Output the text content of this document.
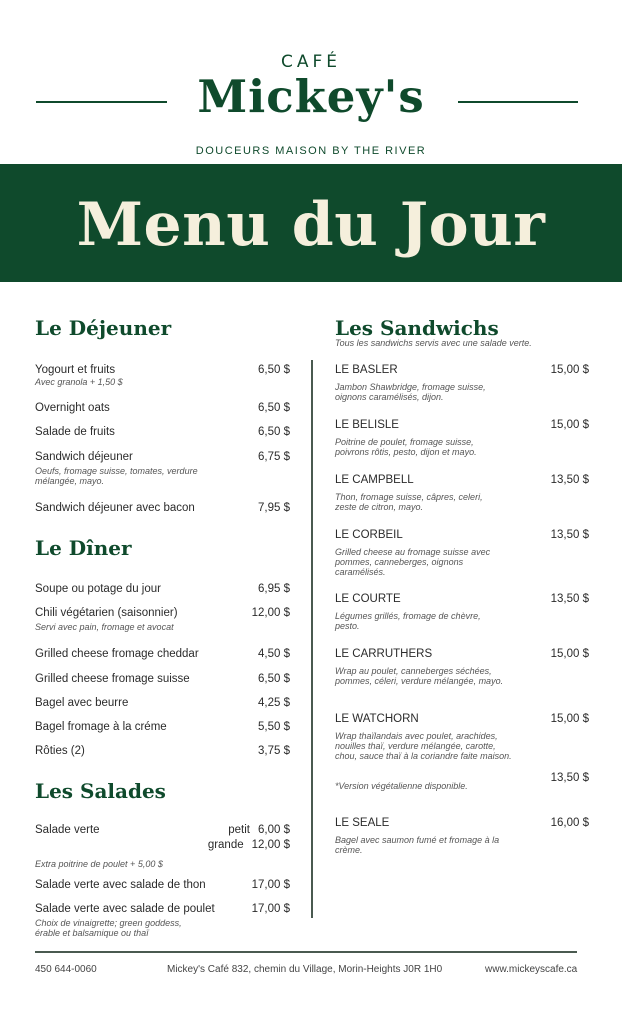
CAFÉ
Mickey's
DOUCEURS MAISON BY THE RIVER
Menu du Jour
Le Déjeuner
Yogourt et fruits	6,50 $
Avec granola + 1,50 $
Overnight oats	6,50 $
Salade de fruits	6,50 $
Sandwich déjeuner	6,75 $
Oeufs, fromage suisse, tomates, verdure mélangée, mayo.
Sandwich déjeuner avec bacon	7,95 $
Le Dîner
Soupe ou potage du jour	6,95 $
Chili végétarien (saisonnier)	12,00 $
Servi avec pain, fromage et avocat
Grilled cheese fromage cheddar	4,50 $
Grilled cheese fromage suisse	6,50 $
Bagel avec beurre	4,25 $
Bagel fromage à la créme	5,50 $
Rôties (2)	3,75 $
Les Salades
Salade verte	petit 6,00 $
grande 12,00 $
Extra poitrine de poulet + 5,00 $
Salade verte avec salade de thon	17,00 $
Salade verte avec salade de poulet	17,00 $
Choix de vinaigrette; green goddess, érable et balsamique ou thaï
Les Sandwichs
Tous les sandwichs servis avec une salade verte.
LE BASLER	15,00 $
Jambon Shawbridge, fromage suisse, oignons caramélisés, dijon.
LE BELISLE	15,00 $
Poitrine de poulet, fromage suisse, poivrons rôtis, pesto, dijon et mayo.
LE CAMPBELL	13,50 $
Thon, fromage suisse, câpres, celeri, zeste de citron, mayo.
LE CORBEIL	13,50 $
Grilled cheese au fromage suisse avec pommes, canneberges, oignons caramélisés.
LE COURTE	13,50 $
Légumes grillés, fromage de chèvre, pesto.
LE CARRUTHERS	15,00 $
Wrap au poulet, canneberges séchées, pommes, céleri, verdure mélangée, mayo.
LE WATCHORN	15,00 $
Wrap thaïlandais avec poulet, arachides, nouilles thaï, verdure mélangée, carotte, chou, sauce thaï à la coriandre faite maison.
13,50 $
*Version végétalienne disponible.
LE SEALE	16,00 $
Bagel avec saumon fumé et fromage à la crème.
450 644-0060	Mickey's Café 832, chemin du Village, Morin-Heights J0R 1H0	www.mickeyscafe.ca
